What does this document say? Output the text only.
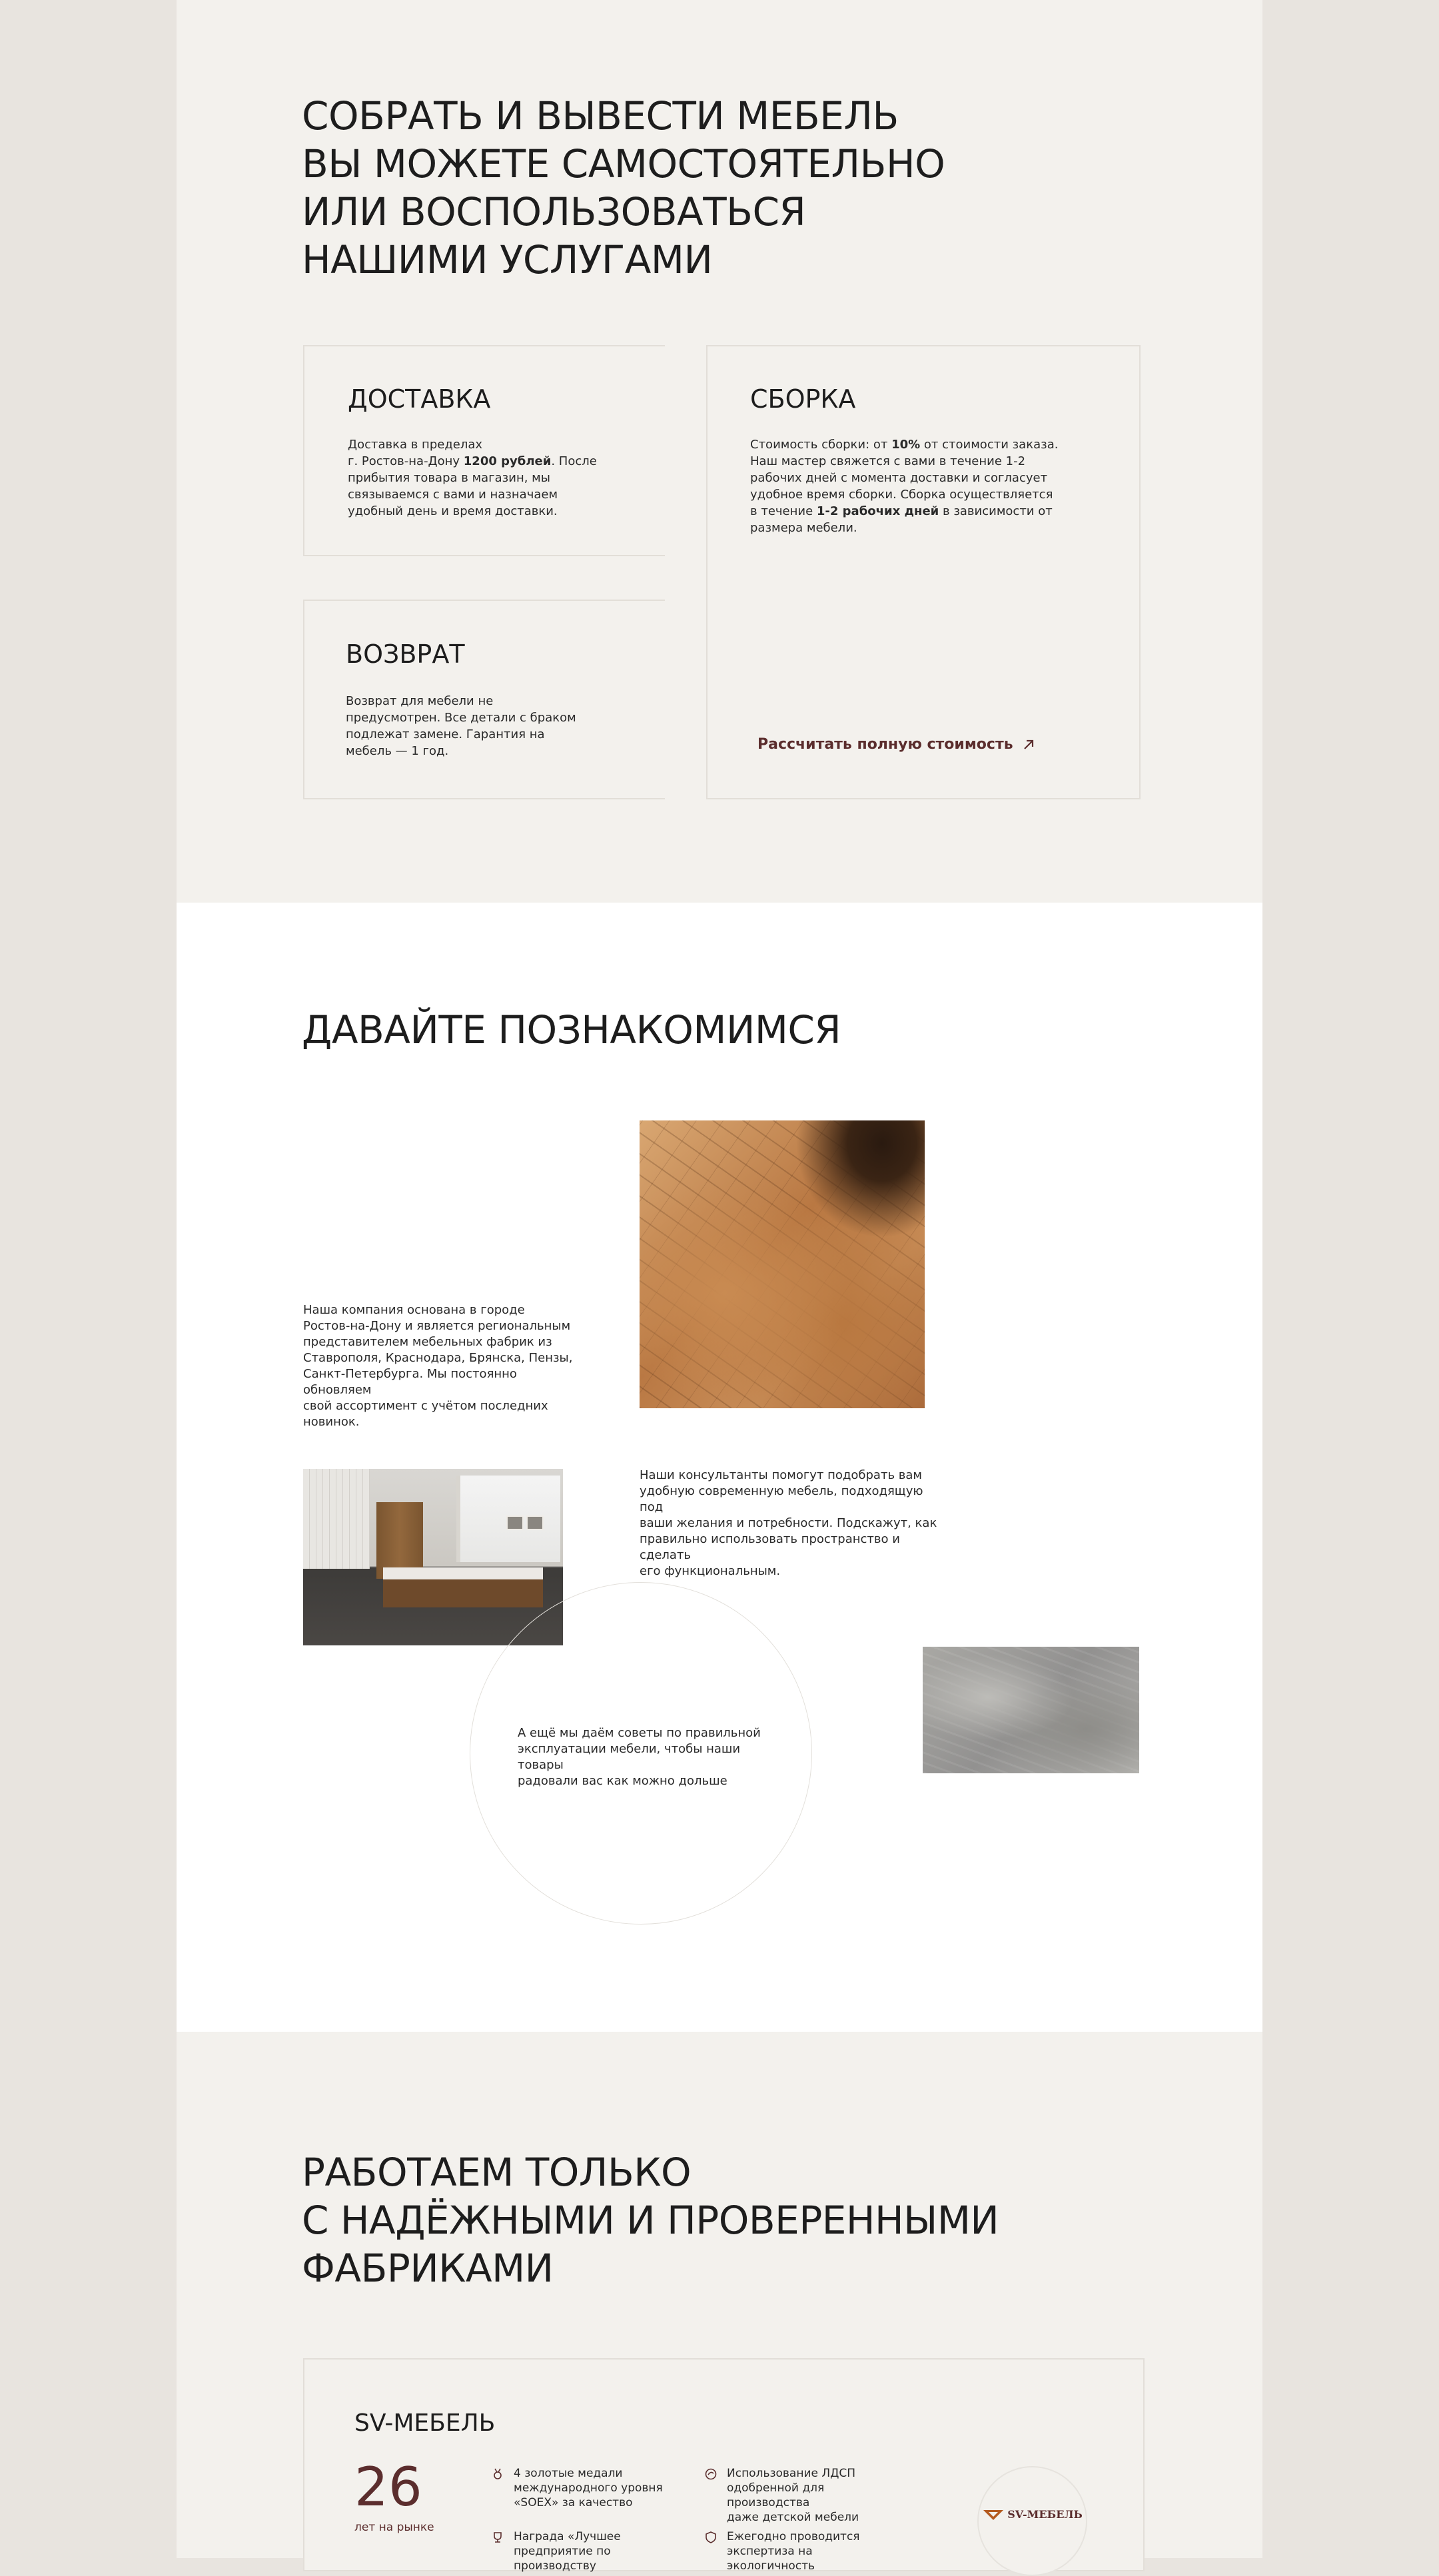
СОБРАТЬ И ВЫВЕСТИ МЕБЕЛЬ
ВЫ МОЖЕТЕ САМОСТОЯТЕЛЬНО
ИЛИ ВОСПОЛЬЗОВАТЬСЯ
НАШИМИ УСЛУГАМИ
ДОСТАВКА

Доставка в пределах
г. Ростов-на-Дону 1200 рублей. После
прибытия товара в магазин, мы
связываемся с вами и назначаем
удобный день и время доставки.

ВОЗВРАТ

Возврат для мебели не
предусмотрен. Все детали с браком
подлежат замене. Гарантия на
мебель — 1 год.

СБОРКА

Стоимость сборки: от 10% от стоимости заказа.
Наш мастер свяжется с вами в течение 1-2
рабочих дней с момента доставки и согласует
удобное время сборки. Сборка осуществляется
в течение 1-2 рабочих дней в зависимости от
размера мебели.

Рассчитать полную стоимость
ДАВАЙТЕ ПОЗНАКОМИМСЯ

Наша компания основана в городе
Ростов-на-Дону и является региональным
представителем мебельных фабрик из
Ставрополя, Краснодара, Брянска, Пензы,
Санкт-Петербурга. Мы постоянно обновляем
свой ассортимент с учётом последних
новинок.

Наши консультанты помогут подобрать вам
удобную современную мебель, подходящую под
ваши желания и потребности. Подскажут, как
правильно использовать пространство и сделать
его функциональным.

А ещё мы даём советы по правильной
эксплуатации мебели, чтобы наши товары
радовали вас как можно дольше

РАБОТАЕМ ТОЛЬКО
С НАДЁЖНЫМИ И ПРОВЕРЕННЫМИ
ФАБРИКАМИ
SV-МЕБЕЛЬ
26
лет на рынке
4 золотые медали
международного уровня
«SOEX» за качество
Использование ЛДСП
одобренной для производства
даже детской мебели
Награда «Лучшее
предприятие по производству
Ежегодно проводится
экспертиза на экологичность
SV-МЕБЕЛЬ
